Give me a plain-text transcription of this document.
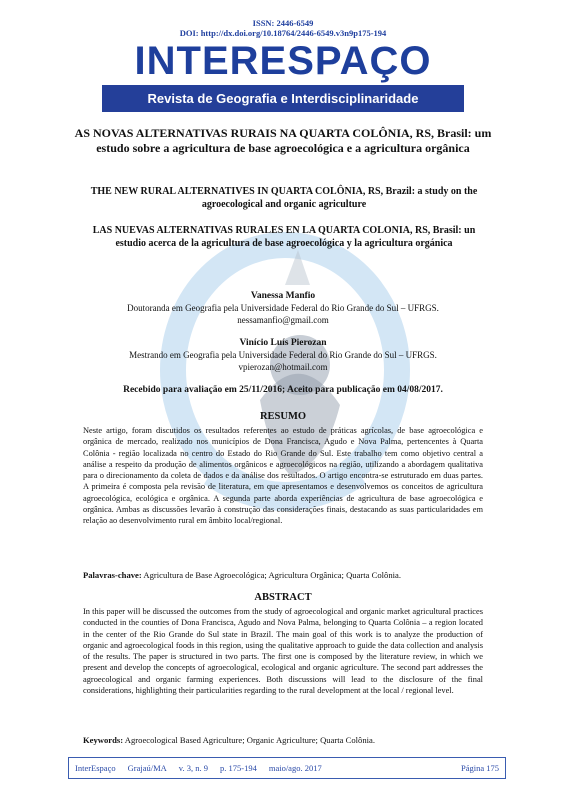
ISSN: 2446-6549
DOI: http://dx.doi.org/10.18764/2446-6549.v3n9p175-194
INTERESPAÇO
Revista de Geografia e Interdisciplinaridade
AS NOVAS ALTERNATIVAS RURAIS NA QUARTA COLÔNIA, RS, Brasil: um estudo sobre a agricultura de base agroecológica e a agricultura orgânica
THE NEW RURAL ALTERNATIVES IN QUARTA COLÔNIA, RS, Brazil: a study on the agroecological and organic agriculture
LAS NUEVAS ALTERNATIVAS RURALES EN LA QUARTA COLONIA, RS, Brasil: un estudio acerca de la agricultura de base agroecológica y la agricultura orgánica
Vanessa Manfio
Doutoranda em Geografia pela Universidade Federal do Rio Grande do Sul – UFRGS.
nessamanfio@gmail.com
Vinício Luís Pierozan
Mestrando em Geografia pela Universidade Federal do Rio Grande do Sul – UFRGS.
vpierozan@hotmail.com
Recebido para avaliação em 25/11/2016; Aceito para publicação em 04/08/2017.
RESUMO
Neste artigo, foram discutidos os resultados referentes ao estudo de práticas agrícolas, de base agroecológica e orgânica de mercado, realizado nos municípios de Dona Francisca, Agudo e Nova Palma, pertencentes à Quarta Colônia - região localizada no centro do Estado do Rio Grande do Sul. Este trabalho tem como objetivo central a análise a respeito da produção de alimentos orgânicos e agroecológicos na região, utilizando a abordagem qualitativa para o direcionamento da coleta de dados e da análise dos resultados. O artigo encontra-se estruturado em duas partes. A primeira é composta pela revisão de literatura, em que apresentamos e desenvolvemos os conceitos de agricultura agroecológica, ecológica e orgânica. A segunda parte aborda experiências de agricultura de base agroecológica e orgânica. Ambas as discussões levarão à construção das considerações finais, destacando as suas particularidades em relação ao desenvolvimento rural em âmbito local/regional.
Palavras-chave: Agricultura de Base Agroecológica; Agricultura Orgânica; Quarta Colônia.
ABSTRACT
In this paper will be discussed the outcomes from the study of agroecological and organic market agricultural practices conducted in the counties of Dona Francisca, Agudo and Nova Palma, belonging to Quarta Colônia – a region located in the center of the Rio Grande do Sul state in Brazil. The main goal of this work is to analyze the production of organic and agroecological foods in this region, using the qualitative approach to guide the data collection and analysis of the results. The paper is structured in two parts. The first one is composed by the literature review, in which we present and develop the concepts of agroecological, ecological and organic agriculture. The second part addresses the agroecological and organic farming experiences. Both discussions will lead to the disclosure of the final considerations, highlighting their particularities regarding to the rural development at the local / regional level.
Keywords: Agroecological Based Agriculture; Organic Agriculture; Quarta Colônia.
InterEspaço	Grajaú/MA	v. 3, n. 9	p. 175-194	maio/ago. 2017	Página 175
